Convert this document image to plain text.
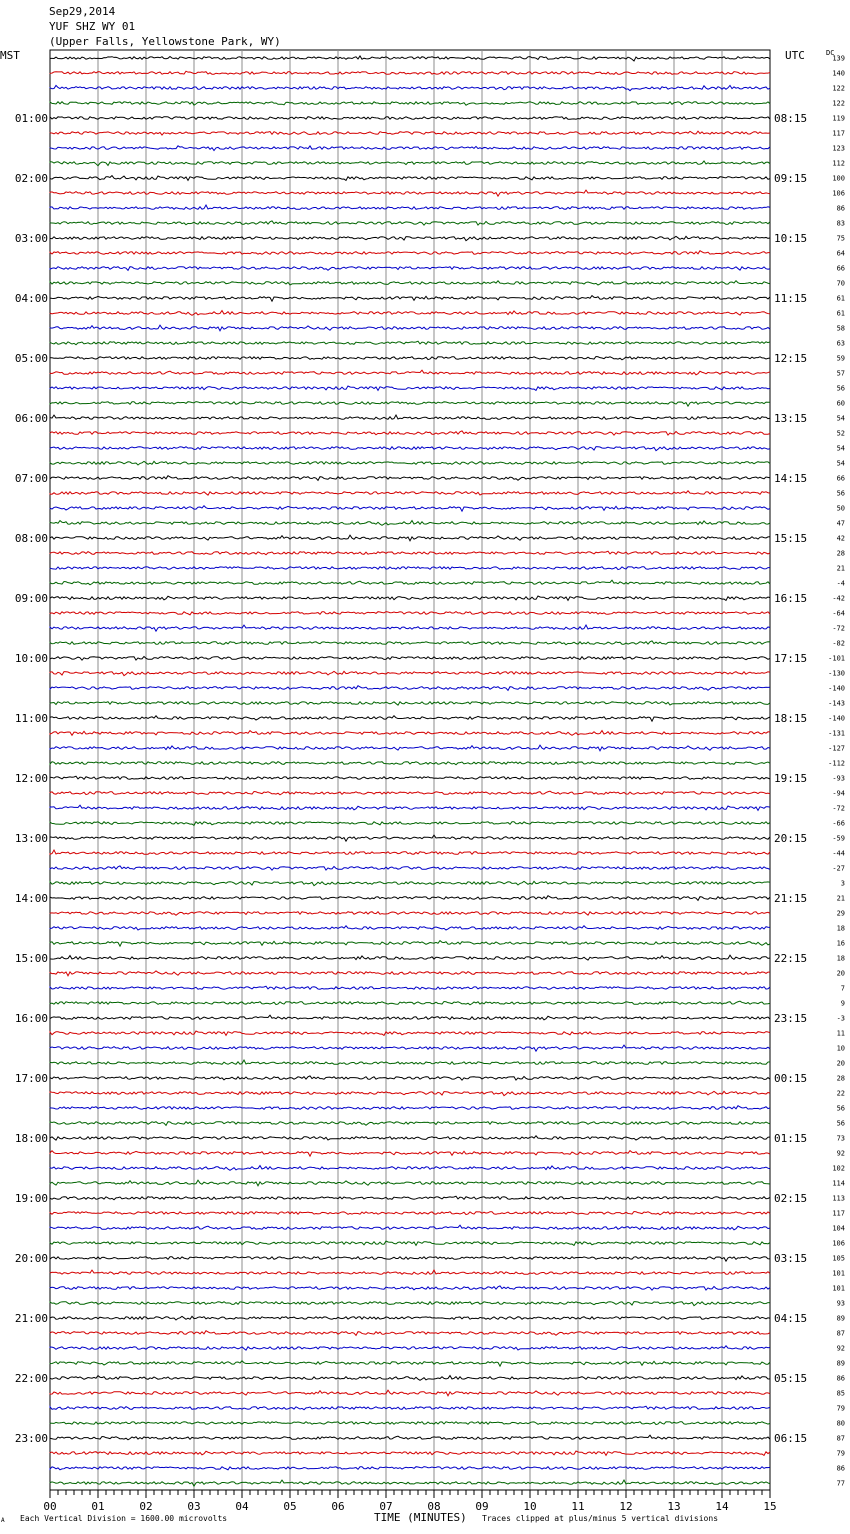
Sep29,2014
YUF SHZ WY 01
(Upper Falls, Yellowstone Park, WY)
MST	UTC	DC
01:00
02:00
03:00
04:00
05:00
06:00
07:00
08:00
09:00
10:00
11:00
12:00
13:00
14:00
15:00
16:00
17:00
18:00
19:00
20:00
21:00
22:00
23:00
08:15
09:15
10:15
11:15
12:15
13:15
14:15
15:15
16:15
17:15
18:15
19:15
20:15
21:15
22:15
23:15
00:15
01:15
02:15
03:15
04:15
05:15
06:15
139
140
122
122
119
117
123
112
100
106
86
83
75
64
66
70
61
61
58
63
59
57
56
60
54
52
54
54
66
56
50
47
42
28
21
-4
-42
-64
-72
-82
-101
-130
-140
-143
-140
-131
-127
-112
-93
-94
-72
-66
-59
-44
-27
3
21
29
18
16
18
20
7
9
-3
11
10
20
28
22
56
56
73
92
102
114
113
117
104
106
105
101
101
93
89
87
92
89
86
85
79
80
87
79
86
77
00	01	02	03	04	05	06	07	08	09	10	11	12	13	14	15
TIME (MINUTES)
A Each Vertical Division = 1600.00 microvolts	Traces clipped at plus/minus 5 vertical divisions
